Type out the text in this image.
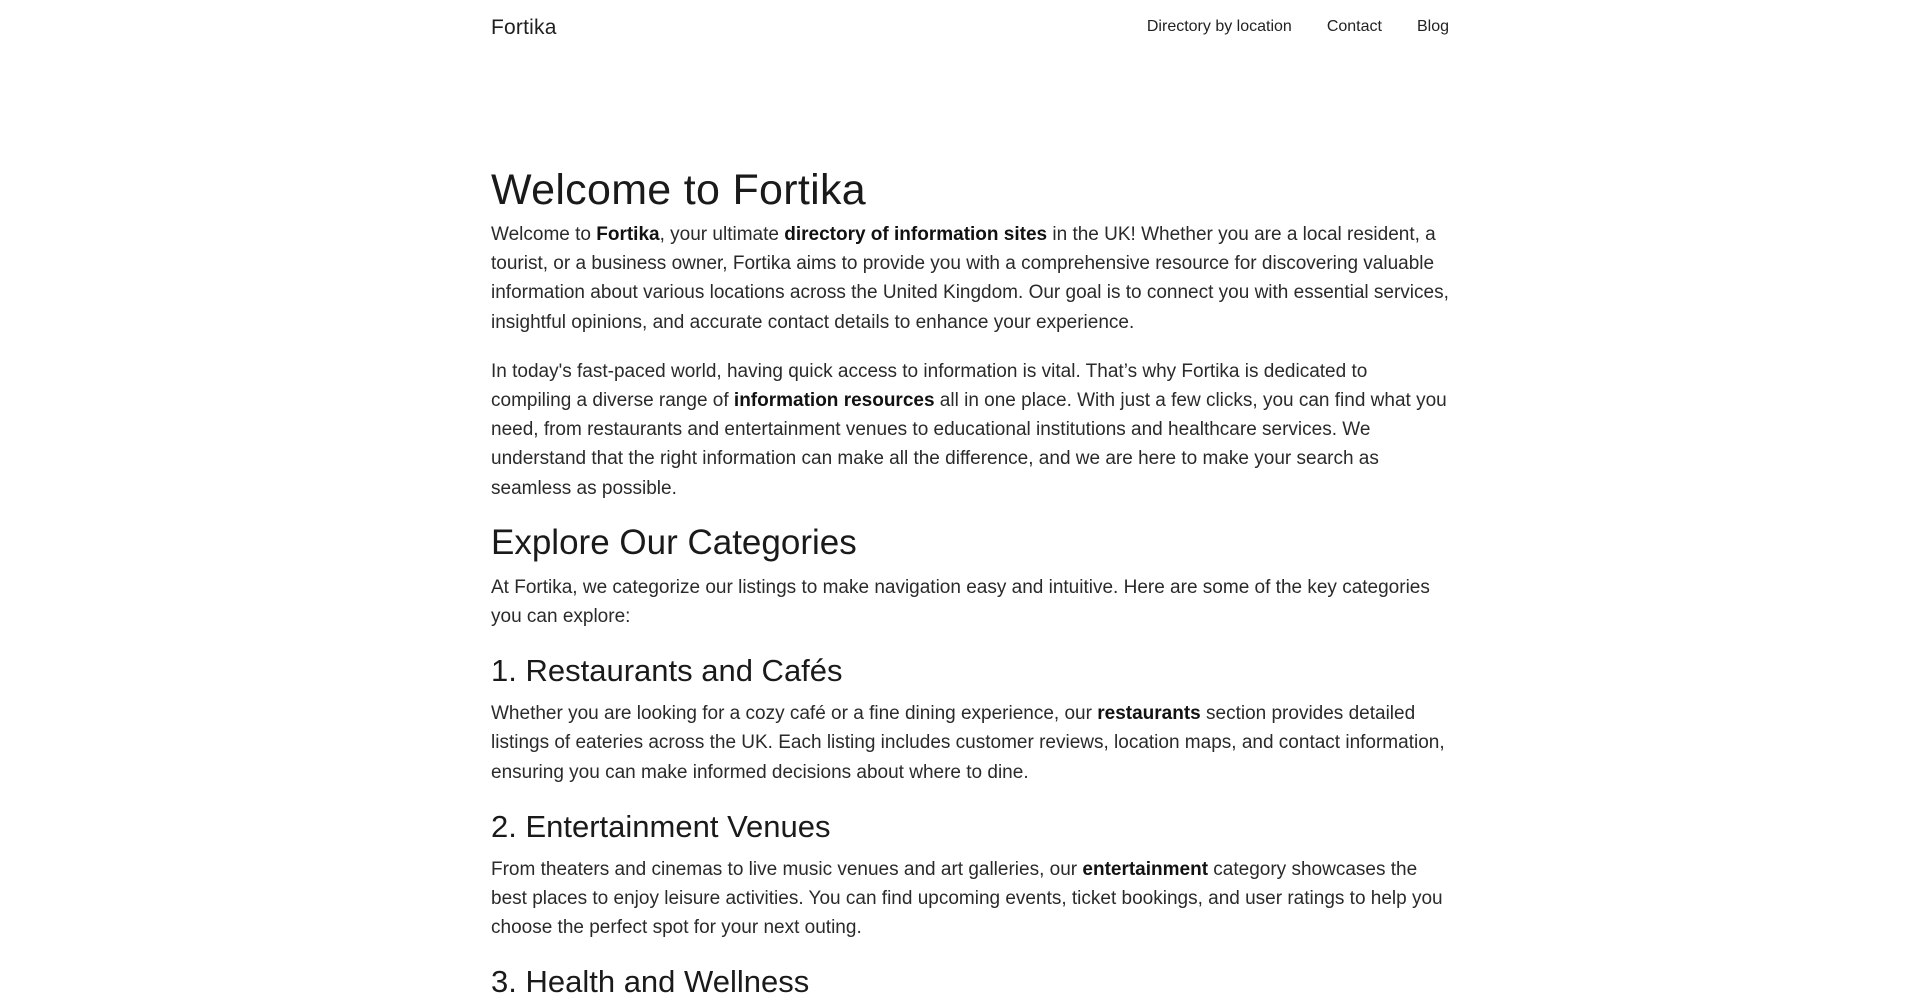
Fortika	Directory by location Contact Blog
Welcome to Fortika

Welcome to Fortika, your ultimate directory of information sites in the UK! Whether you are a local resident, a tourist, or a business owner, Fortika aims to provide you with a comprehensive resource for discovering valuable information about various locations across the United Kingdom. Our goal is to connect you with essential services, insightful opinions, and accurate contact details to enhance your experience.

In today's fast-paced world, having quick access to information is vital. That’s why Fortika is dedicated to compiling a diverse range of information resources all in one place. With just a few clicks, you can find what you need, from restaurants and entertainment venues to educational institutions and healthcare services. We understand that the right information can make all the difference, and we are here to make your search as seamless as possible.

Explore Our Categories

At Fortika, we categorize our listings to make navigation easy and intuitive. Here are some of the key categories you can explore:

1. Restaurants and Cafés

Whether you are looking for a cozy café or a fine dining experience, our restaurants section provides detailed listings of eateries across the UK. Each listing includes customer reviews, location maps, and contact information, ensuring you can make informed decisions about where to dine.

2. Entertainment Venues

From theaters and cinemas to live music venues and art galleries, our entertainment category showcases the best places to enjoy leisure activities. You can find upcoming events, ticket bookings, and user ratings to help you choose the perfect spot for your next outing.

3. Health and Wellness
